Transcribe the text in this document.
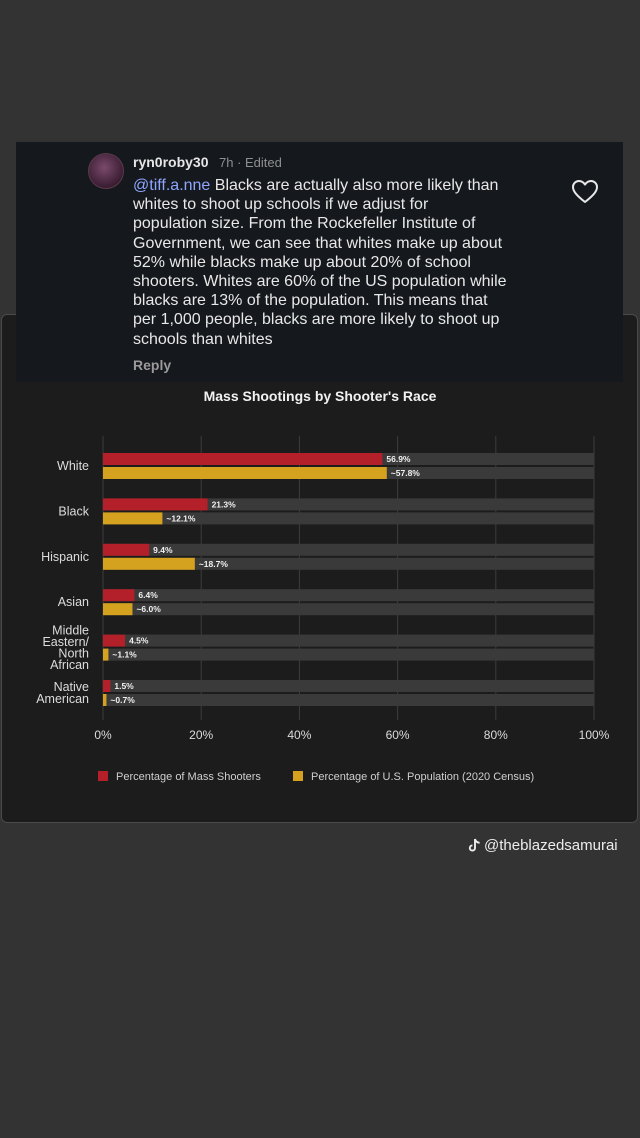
ryn0roby30 7h · Edited
@tiff.a.nne Blacks are actually also more likely than
whites to shoot up schools if we adjust for
population size. From the Rockefeller Institute of
Government, we can see that whites make up about
52% while blacks make up about 20% of school
shooters. Whites are 60% of the US population while
blacks are 13% of the population. This means that
per 1,000 people, blacks are more likely to shoot up
schools than whites
Reply
Mass Shootings by Shooter's Race
0%	20%	40%	60%	80%	100%
White	56.9%
~57.8%
Black	21.3%
~12.1%
Hispanic	9.4%
~18.7%
Asian	6.4%
~6.0%
Middle
Eastern/
North
African
4.5%
~1.1%
Native
American
1.5%
~0.7%
Percentage of Mass Shooters	Percentage of U.S. Population (2020 Census)
@theblazedsamurai
